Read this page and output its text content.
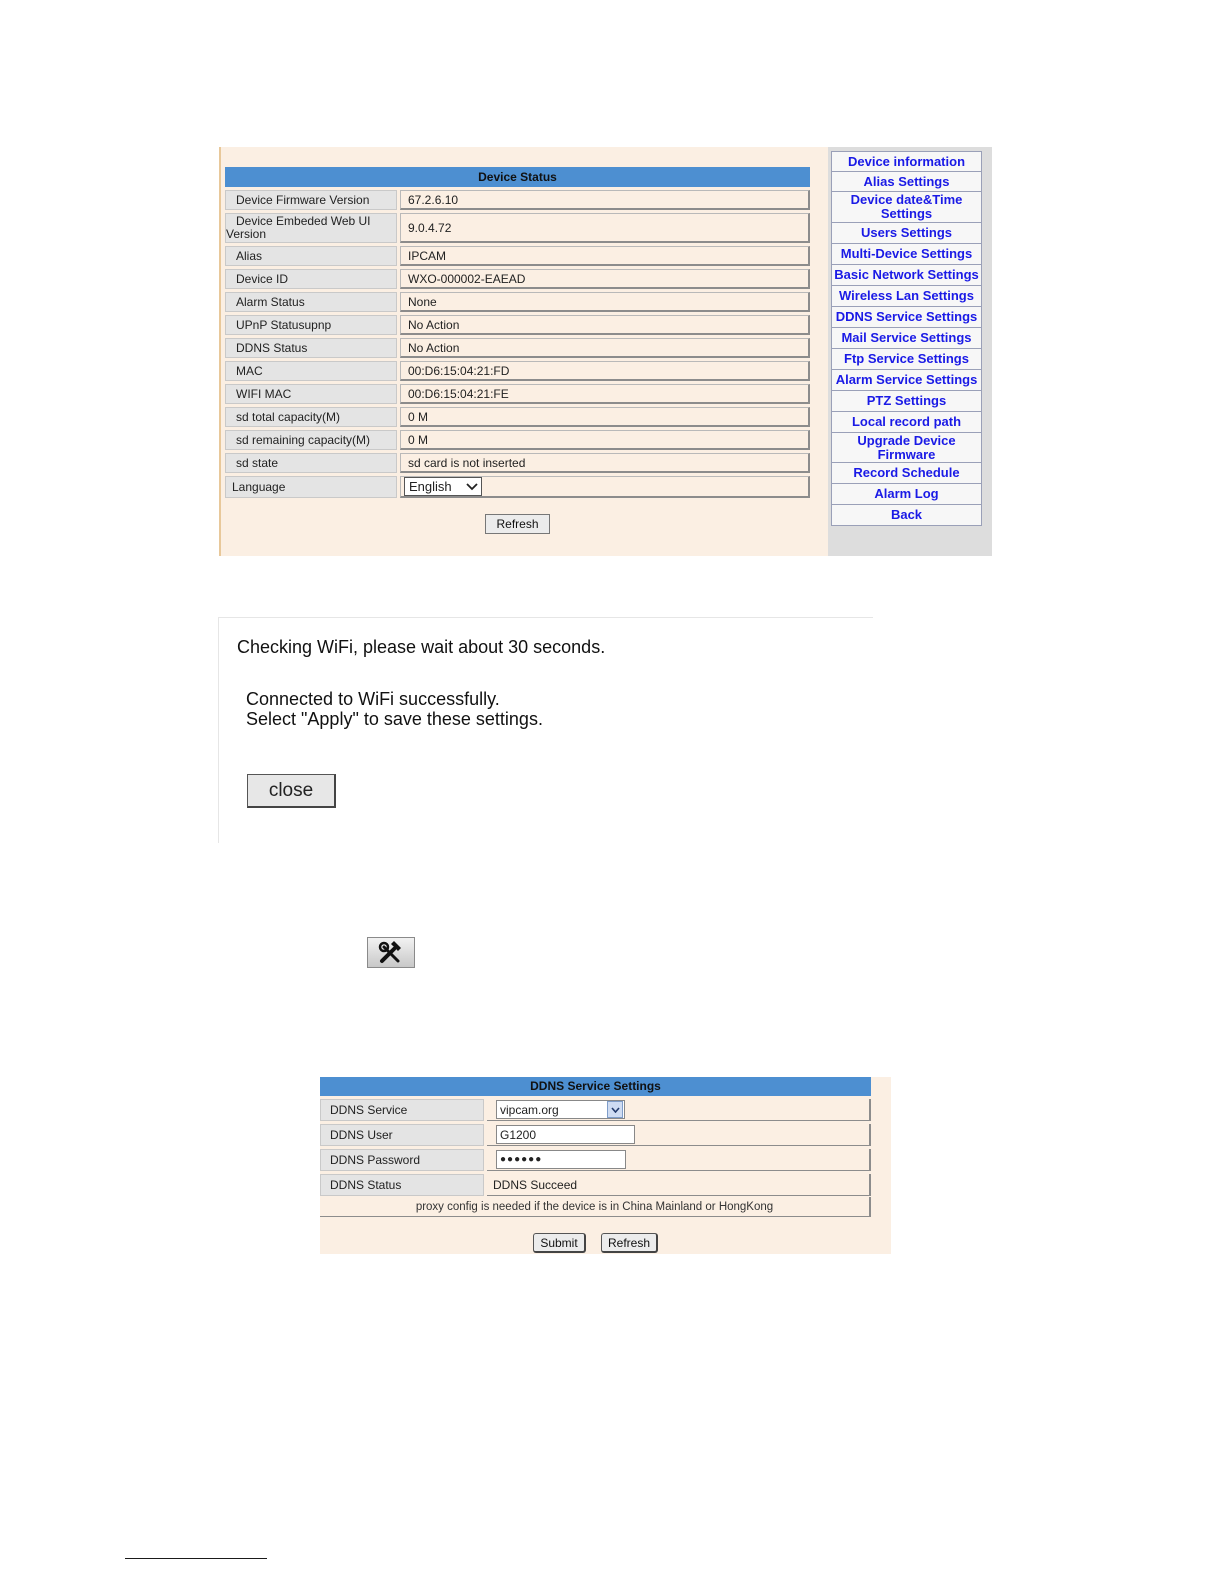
Device Status
Device Firmware Version	67.2.6.10
Device Embeded Web UI Version	9.0.4.72
Alias	IPCAM
Device ID	WXO-000002-EAEAD
Alarm Status	None
UPnP Statusupnp	No Action
DDNS Status	No Action
MAC	00:D6:15:04:21:FD
WIFI MAC	00:D6:15:04:21:FE
sd total capacity(M)	0 M
sd remaining capacity(M)	0 M
sd state	sd card is not inserted
Language	English
Refresh
Device information
Alias Settings
Device date&Time Settings
Users Settings
Multi-Device Settings
Basic Network Settings
Wireless Lan Settings
DDNS Service Settings
Mail Service Settings
Ftp Service Settings
Alarm Service Settings
PTZ Settings
Local record path
Upgrade Device Firmware
Record Schedule
Alarm Log
Back
Checking WiFi, please wait about 30 seconds.
Connected to WiFi successfully.
Select "Apply" to save these settings.
close
DDNS Service Settings
DDNS Service	vipcam.org
DDNS User	G1200
DDNS Password	●●●●●●
DDNS Status	DDNS Succeed
proxy config is needed if the device is in China Mainland or HongKong
Submit	Refresh
